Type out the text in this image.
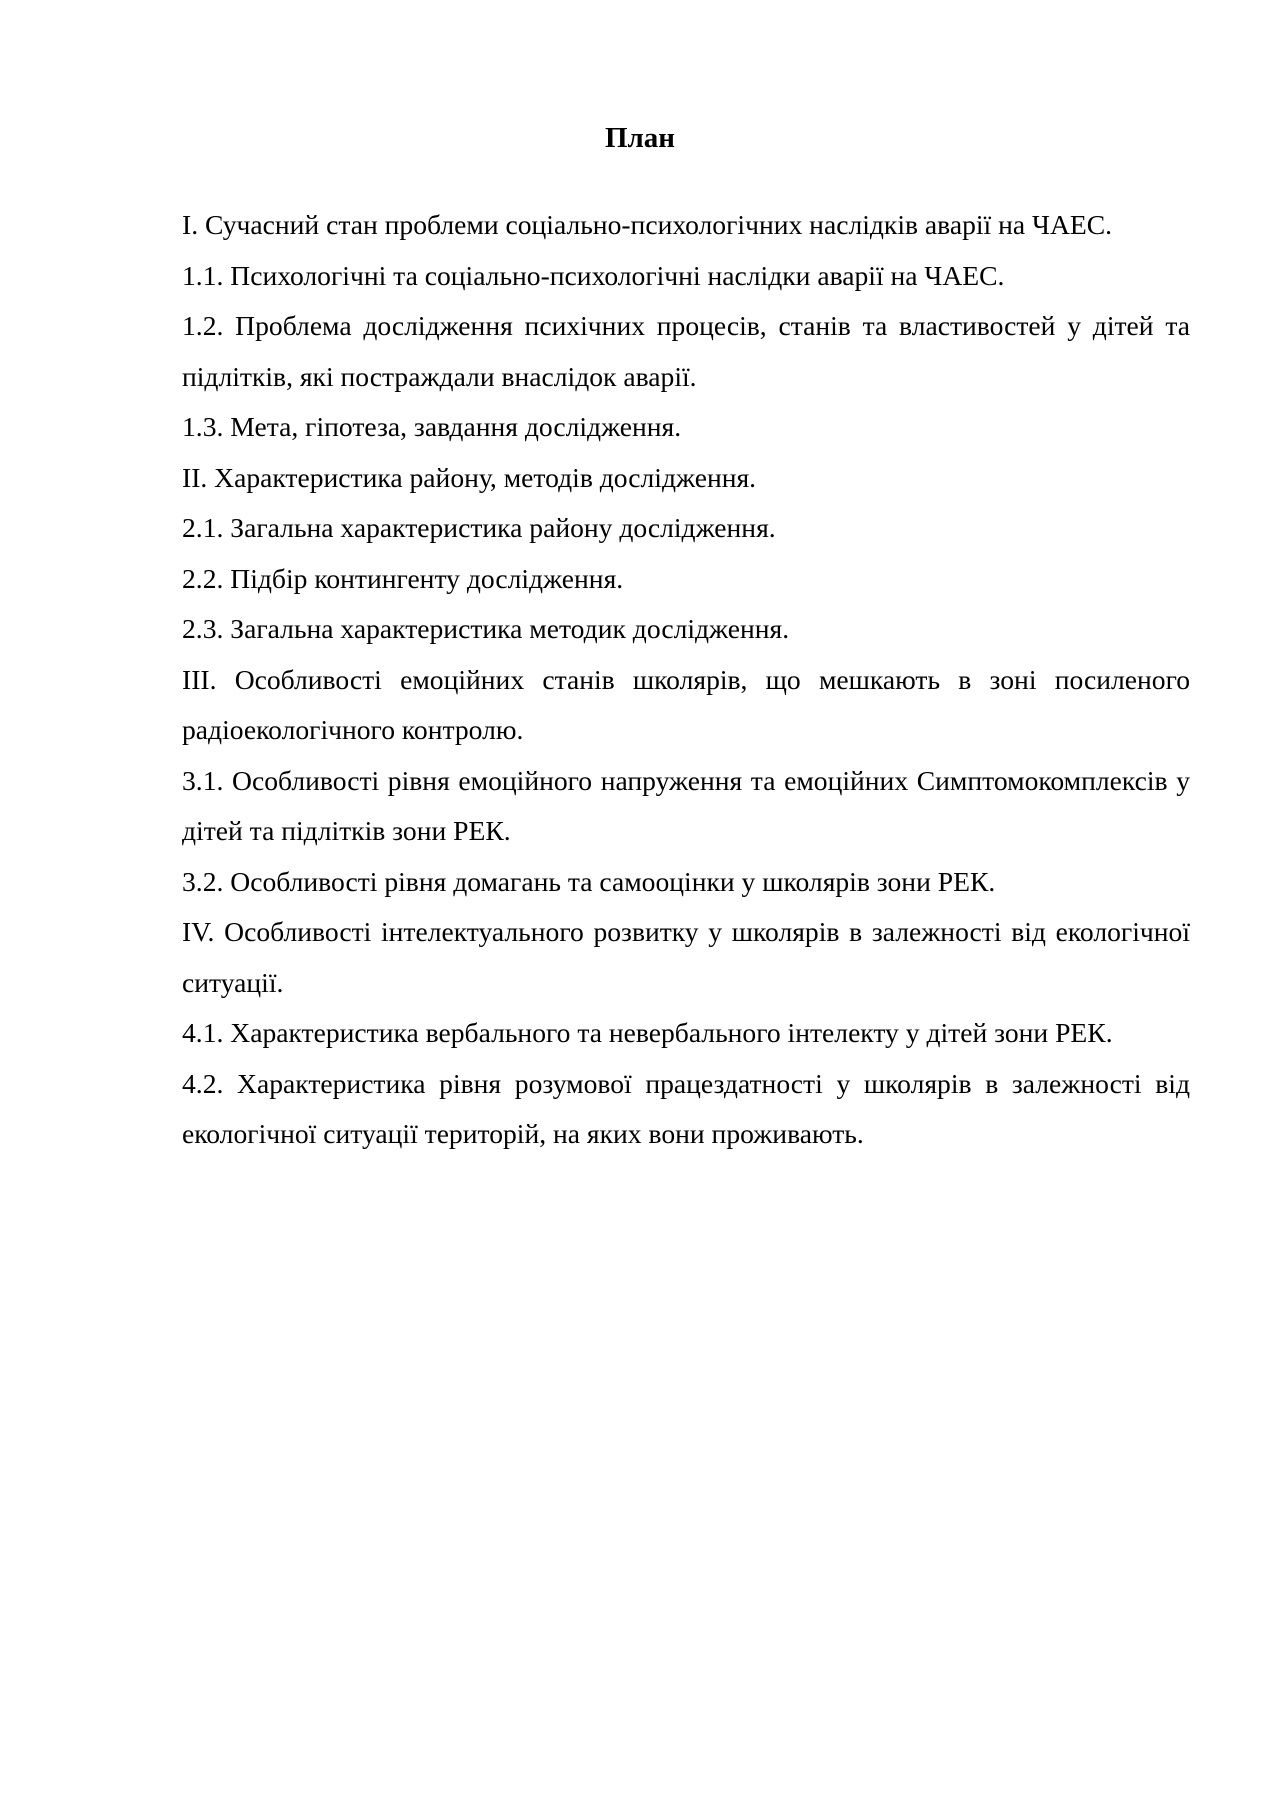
План

I. Сучасний стан проблеми соціально-психологічних наслідків аварії на ЧАЕС.

1.1. Психологічні та соціально-психологічні наслідки аварії на ЧАЕС.

1.2. Проблема дослідження психічних процесів, станів та властивостей у дітей та підлітків, які постраждали внаслідок аварії.

1.3. Мета, гіпотеза, завдання дослідження.

II. Характеристика району, методів дослідження.

2.1. Загальна характеристика району дослідження.

2.2. Підбір контингенту дослідження.

2.3. Загальна характеристика методик дослідження.

III. Особливості емоційних станів школярів, що мешкають в зоні посиленого радіоекологічного контролю.

3.1. Особливості рівня емоційного напруження та емоційних Симптомокомплексів у дітей та підлітків зони РЕК.

3.2. Особливості рівня домагань та самооцінки у школярів зони РЕК.

IV. Особливості інтелектуального розвитку у школярів в залежності від екологічної ситуації.

4.1. Характеристика вербального та невербального інтелекту у дітей зони РЕК.

4.2. Характеристика рівня розумової працездатності у школярів в залежності від екологічної ситуації територій, на яких вони проживають.
